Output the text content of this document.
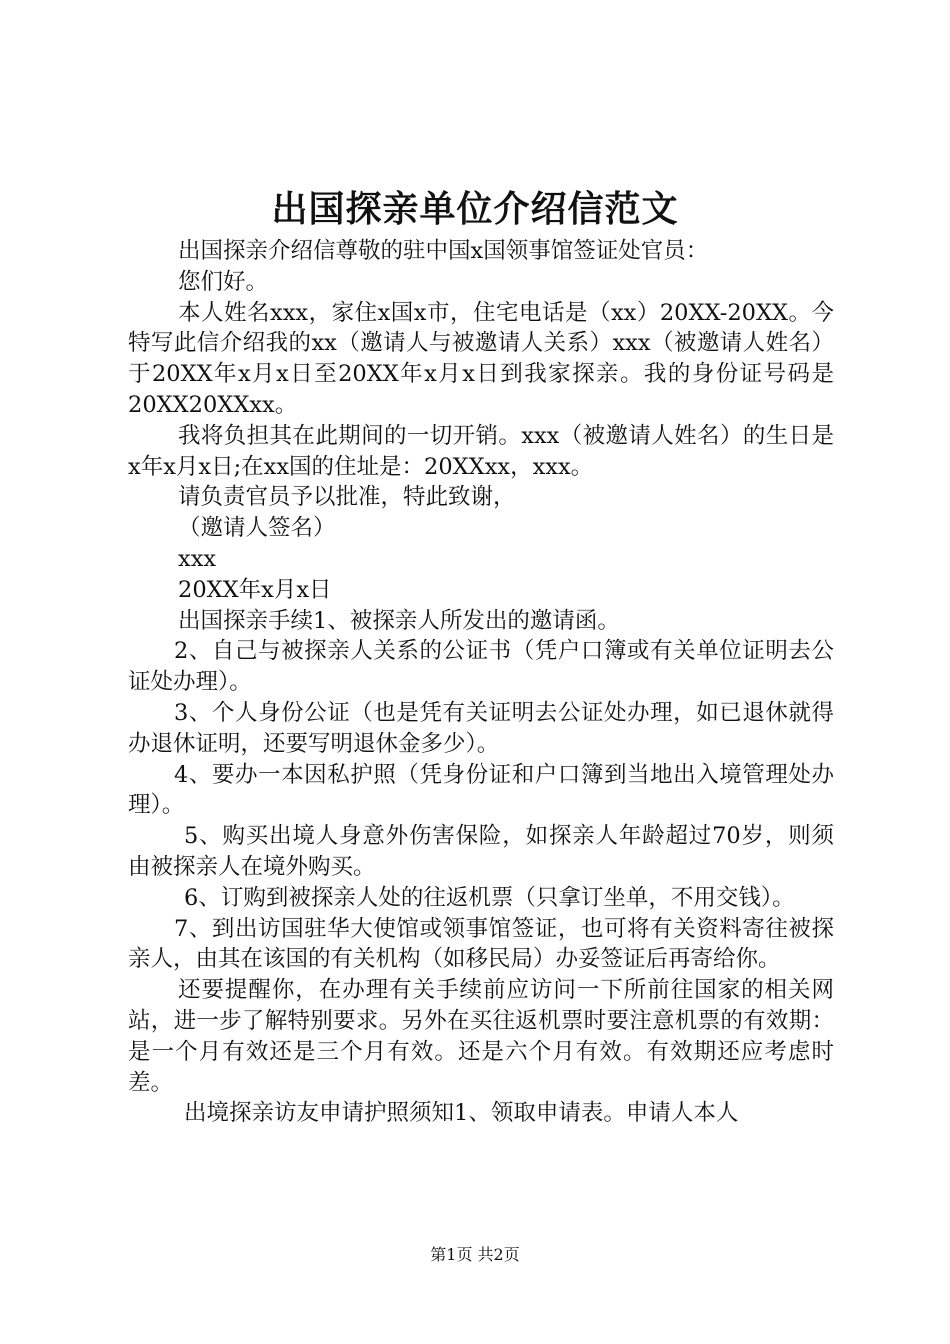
出国探亲单位介绍信范文

出国探亲介绍信尊敬的驻中国x国领事馆签证处官员：

您们好。

本人姓名xxx，家住x国x市，住宅电话是（xx）20XX-20XX。今特写此信介绍我的xx（邀请人与被邀请人关系）xxx（被邀请人姓名）于20XX年x月x日至20XX年x月x日到我家探亲。我的身份证号码是20XX20XXxx。

我将负担其在此期间的一切开销。xxx（被邀请人姓名）的生日是x年x月x日;在xx国的住址是：20XXxx，xxx。

请负责官员予以批准，特此致谢，

（邀请人签名）

xxx

20XX年x月x日

出国探亲手续1、被探亲人所发出的邀请函。

2、自己与被探亲人关系的公证书（凭户口簿或有关单位证明去公证处办理）。

3、个人身份公证（也是凭有关证明去公证处办理，如已退休就得办退休证明，还要写明退休金多少）。

4、要办一本因私护照（凭身份证和户口簿到当地出入境管理处办理）。

5、购买出境人身意外伤害保险，如探亲人年龄超过70岁，则须由被探亲人在境外购买。

6、订购到被探亲人处的往返机票（只拿订坐单，不用交钱）。

7、到出访国驻华大使馆或领事馆签证，也可将有关资料寄往被探亲人，由其在该国的有关机构（如移民局）办妥签证后再寄给你。

还要提醒你，在办理有关手续前应访问一下所前往国家的相关网站，进一步了解特别要求。另外在买往返机票时要注意机票的有效期：是一个月有效还是三个月有效。还是六个月有效。有效期还应考虑时差。

出境探亲访友申请护照须知1、领取申请表。申请人本人

第1页 共2页
